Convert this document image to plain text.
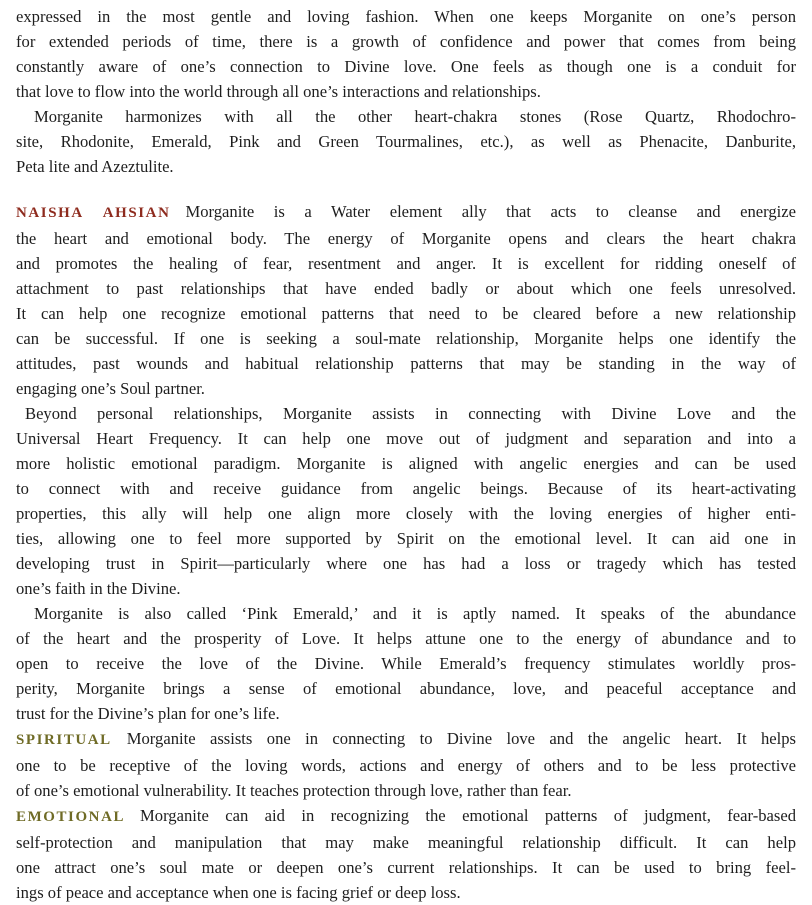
expressed in the most gentle and loving fashion. When one keeps Morganite on one’s person
for extended periods of time, there is a growth of confidence and power that comes from being
constantly aware of one’s connection to Divine love. One feels as though one is a conduit for
that love to flow into the world through all one’s interactions and relationships.
Morganite harmonizes with all the other heart-chakra stones (Rose Quartz, Rhodochro-
site, Rhodonite, Emerald, Pink and Green Tourmalines, etc.), as well as Phenacite, Danburite,
Peta lite and Azeztulite.
NAISHA AHSIAN Morganite is a Water element ally that acts to cleanse and energize
the heart and emotional body. The energy of Morganite opens and clears the heart chakra
and promotes the healing of fear, resentment and anger. It is excellent for ridding oneself of
attachment to past relationships that have ended badly or about which one feels unresolved.
It can help one recognize emotional patterns that need to be cleared before a new relationship
can be successful. If one is seeking a soul-mate relationship, Morganite helps one identify the
attitudes, past wounds and habitual relationship patterns that may be standing in the way of
engaging one’s Soul partner.
Beyond personal relationships, Morganite assists in connecting with Divine Love and the
Universal Heart Frequency. It can help one move out of judgment and separation and into a
more holistic emotional paradigm. Morganite is aligned with angelic energies and can be used
to connect with and receive guidance from angelic beings. Because of its heart-activating
properties, this ally will help one align more closely with the loving energies of higher enti-
ties, allowing one to feel more supported by Spirit on the emotional level. It can aid one in
developing trust in Spirit—particularly where one has had a loss or tragedy which has tested
one’s faith in the Divine.
Morganite is also called ‘Pink Emerald,’ and it is aptly named. It speaks of the abundance
of the heart and the prosperity of Love. It helps attune one to the energy of abundance and to
open to receive the love of the Divine. While Emerald’s frequency stimulates worldly pros-
perity, Morganite brings a sense of emotional abundance, love, and peaceful acceptance and
trust for the Divine’s plan for one’s life.
SPIRITUAL Morganite assists one in connecting to Divine love and the angelic heart. It helps
one to be receptive of the loving words, actions and energy of others and to be less protective
of one’s emotional vulnerability. It teaches protection through love, rather than fear.
EMOTIONAL Morganite can aid in recognizing the emotional patterns of judgment, fear-based
self-protection and manipulation that may make meaningful relationship difficult. It can help
one attract one’s soul mate or deepen one’s current relationships. It can be used to bring feel-
ings of peace and acceptance when one is facing grief or deep loss.
